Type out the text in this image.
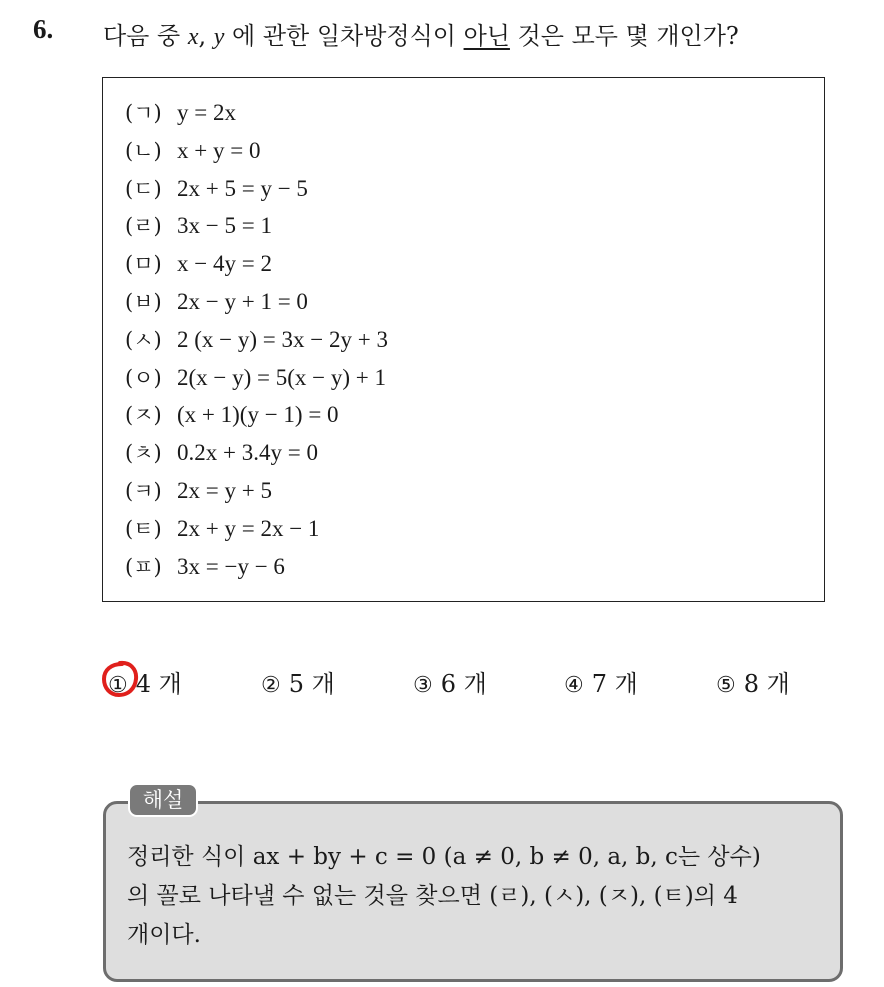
6. 다음 중 x, y 에 관한 일차방정식이 아닌 것은 모두 몇 개인가?
(ㄱ) y = 2x
(ㄴ) x + y = 0
(ㄷ) 2x + 5 = y − 5
(ㄹ) 3x − 5 = 1
(ㅁ) x − 4y = 2
(ㅂ) 2x − y + 1 = 0
(ㅅ) 2 (x − y) = 3x − 2y + 3
(ㅇ) 2(x − y) = 5(x − y) + 1
(ㅈ) (x + 1)(y − 1) = 0
(ㅊ) 0.2x + 3.4y = 0
(ㅋ) 2x = y + 5
(ㅌ) 2x + y = 2x − 1
(ㅍ) 3x = −y − 6
① 4 개	② 5 개	③ 6 개	④ 7 개	⑤ 8 개
해설
정리한 식이 ax + by + c = 0 (a ≠ 0, b ≠ 0, a, b, c는 상수)
의 꼴로 나타낼 수 없는 것을 찾으면 (ㄹ), (ㅅ), (ㅈ), (ㅌ)의 4
개이다.
